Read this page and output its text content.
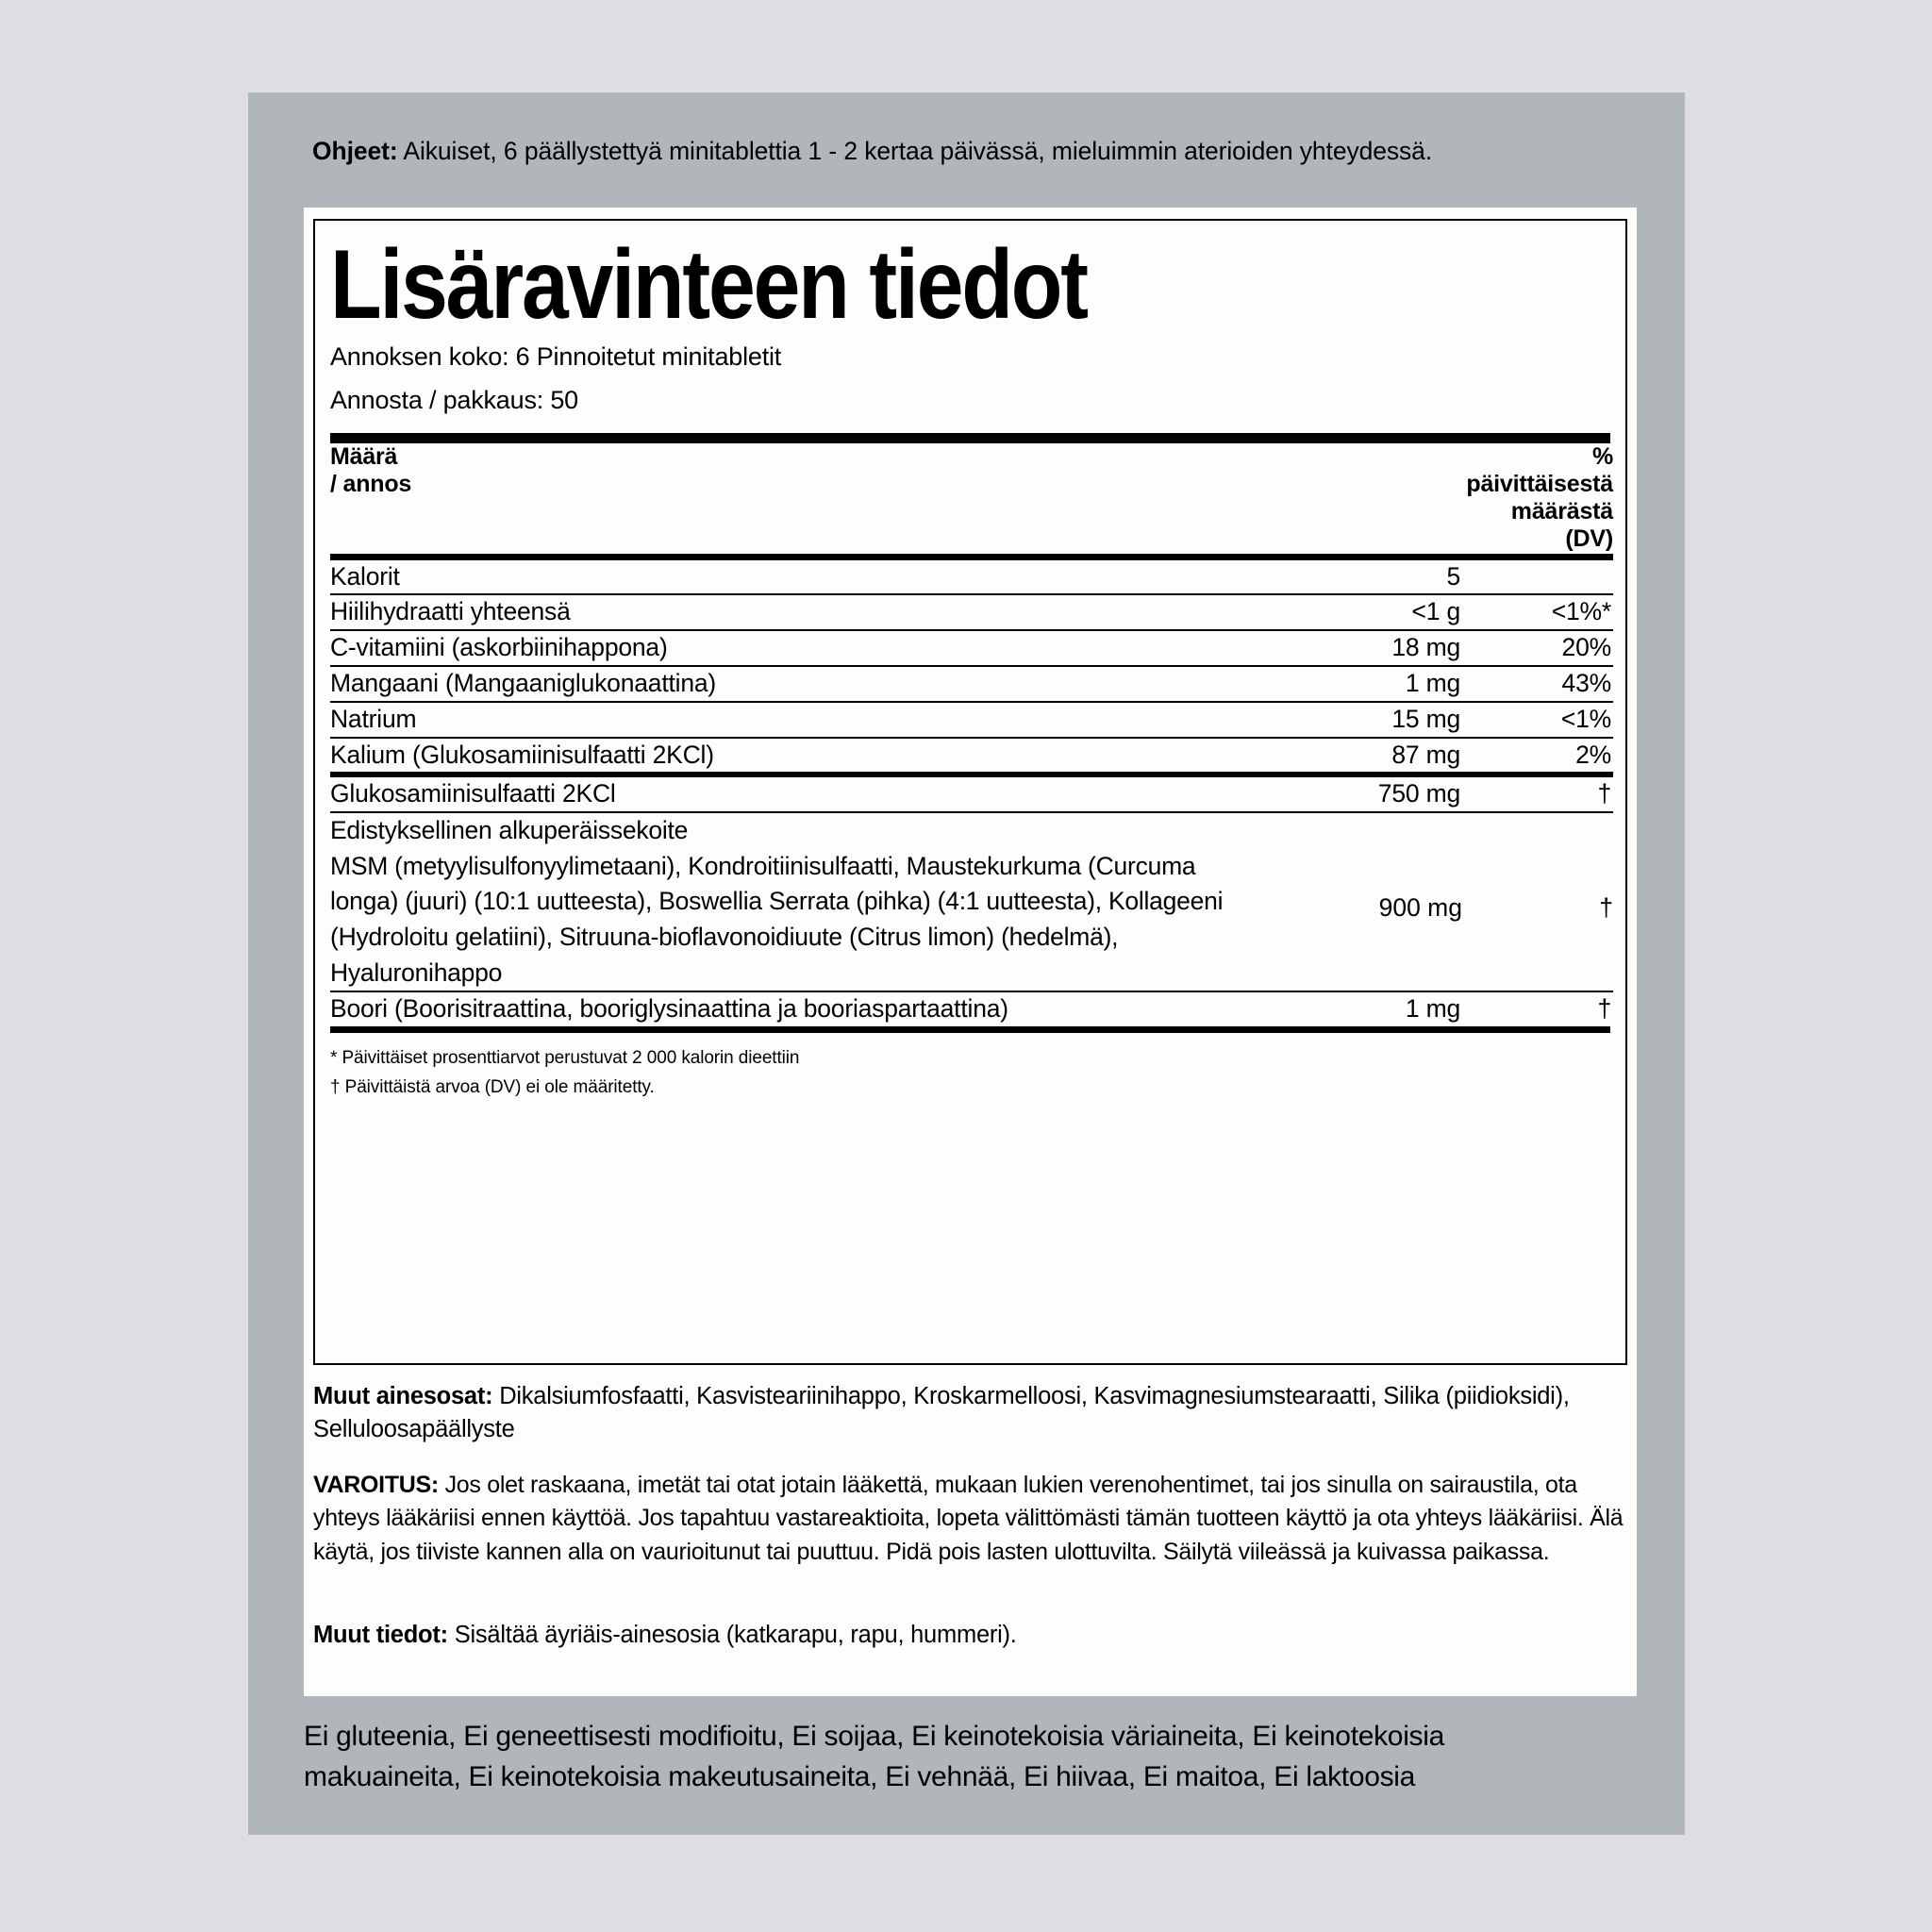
Ohjeet: Aikuiset, 6 päällystettyä minitablettia 1 - 2 kertaa päivässä, mieluimmin aterioiden yhteydessä.
Lisäravinteen tiedot
Annoksen koko: 6 Pinnoitetut minitabletit
Annosta / pakkaus: 50
Määrä
/ annos

% päivittäisestä
määrästä
(DV)

Kalorit	5	

Hiilihydraatti yhteensä	<1 g	<1%*

C-vitamiini (askorbiinihappona)	18 mg	20%

Mangaani (Mangaaniglukonaattina)	1 mg	43%

Natrium	15 mg	<1%

Kalium (Glukosamiinisulfaatti 2KCl)	87 mg	2%

Glukosamiinisulfaatti 2KCl	750 mg	†

Edistyksellinen alkuperäissekoite
MSM (metyylisulfonyylimetaani), Kondroitiinisulfaatti, Maustekurkuma (Curcuma longa) (juuri) (10:1 uutteesta), Boswellia Serrata (pihka) (4:1 uutteesta), Kollageeni (Hydroloitu gelatiini), Sitruuna-bioflavonoidiuute (Citrus limon) (hedelmä), Hyaluronihappo	900 mg	†

Boori (Boorisitraattina, booriglysinaattina ja booriaspartaattina)	1 mg	†
* Päivittäiset prosenttiarvot perustuvat 2 000 kalorin dieettiin
† Päivittäistä arvoa (DV) ei ole määritetty.
Muut ainesosat: Dikalsiumfosfaatti, Kasvisteariinihappo, Kroskarmelloosi, Kasvimagnesiumstearaatti, Silika (piidioksidi), Selluloosapäällyste
VAROITUS: Jos olet raskaana, imetät tai otat jotain lääkettä, mukaan lukien verenohentimet, tai jos sinulla on sairaustila, ota yhteys lääkäriisi ennen käyttöä. Jos tapahtuu vastareaktioita, lopeta välittömästi tämän tuotteen käyttö ja ota yhteys lääkäriisi. Älä käytä, jos tiiviste kannen alla on vaurioitunut tai puuttuu. Pidä pois lasten ulottuvilta. Säilytä viileässä ja kuivassa paikassa.
Muut tiedot: Sisältää äyriäis-ainesosia (katkarapu, rapu, hummeri).
Ei gluteenia, Ei geneettisesti modifioitu, Ei soijaa, Ei keinotekoisia väriaineita, Ei keinotekoisia makuaineita, Ei keinotekoisia makeutusaineita, Ei vehnää, Ei hiivaa, Ei maitoa, Ei laktoosia
